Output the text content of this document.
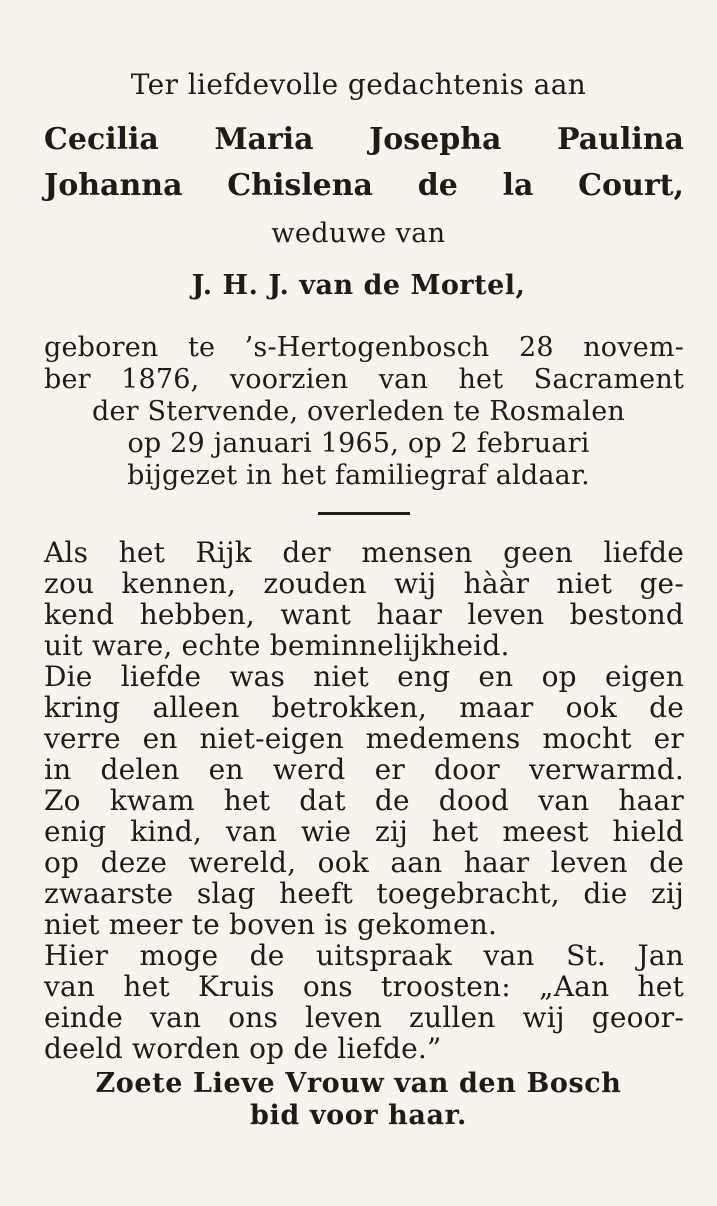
Ter liefdevolle gedachtenis aan
Cecilia Maria Josepha Paulina
Johanna Chislena de la Court,
weduwe van
J. H. J. van de Mortel,
geboren te ’s-Hertogenbosch 28 novem-
ber 1876, voorzien van het Sacrament
der Stervende, overleden te Rosmalen
op 29 januari 1965, op 2 februari
bijgezet in het familiegraf aldaar.
Als het Rijk der mensen geen liefde
zou kennen, zouden wij hààr niet ge-
kend hebben, want haar leven bestond
uit ware, echte beminnelijkheid.
Die liefde was niet eng en op eigen
kring alleen betrokken, maar ook de
verre en niet-eigen medemens mocht er
in delen en werd er door verwarmd.
Zo kwam het dat de dood van haar
enig kind, van wie zij het meest hield
op deze wereld, ook aan haar leven de
zwaarste slag heeft toegebracht, die zij
niet meer te boven is gekomen.
Hier moge de uitspraak van St. Jan
van het Kruis ons troosten: „Aan het
einde van ons leven zullen wij geoor-
deeld worden op de liefde.”
Zoete Lieve Vrouw van den Bosch
bid voor haar.
